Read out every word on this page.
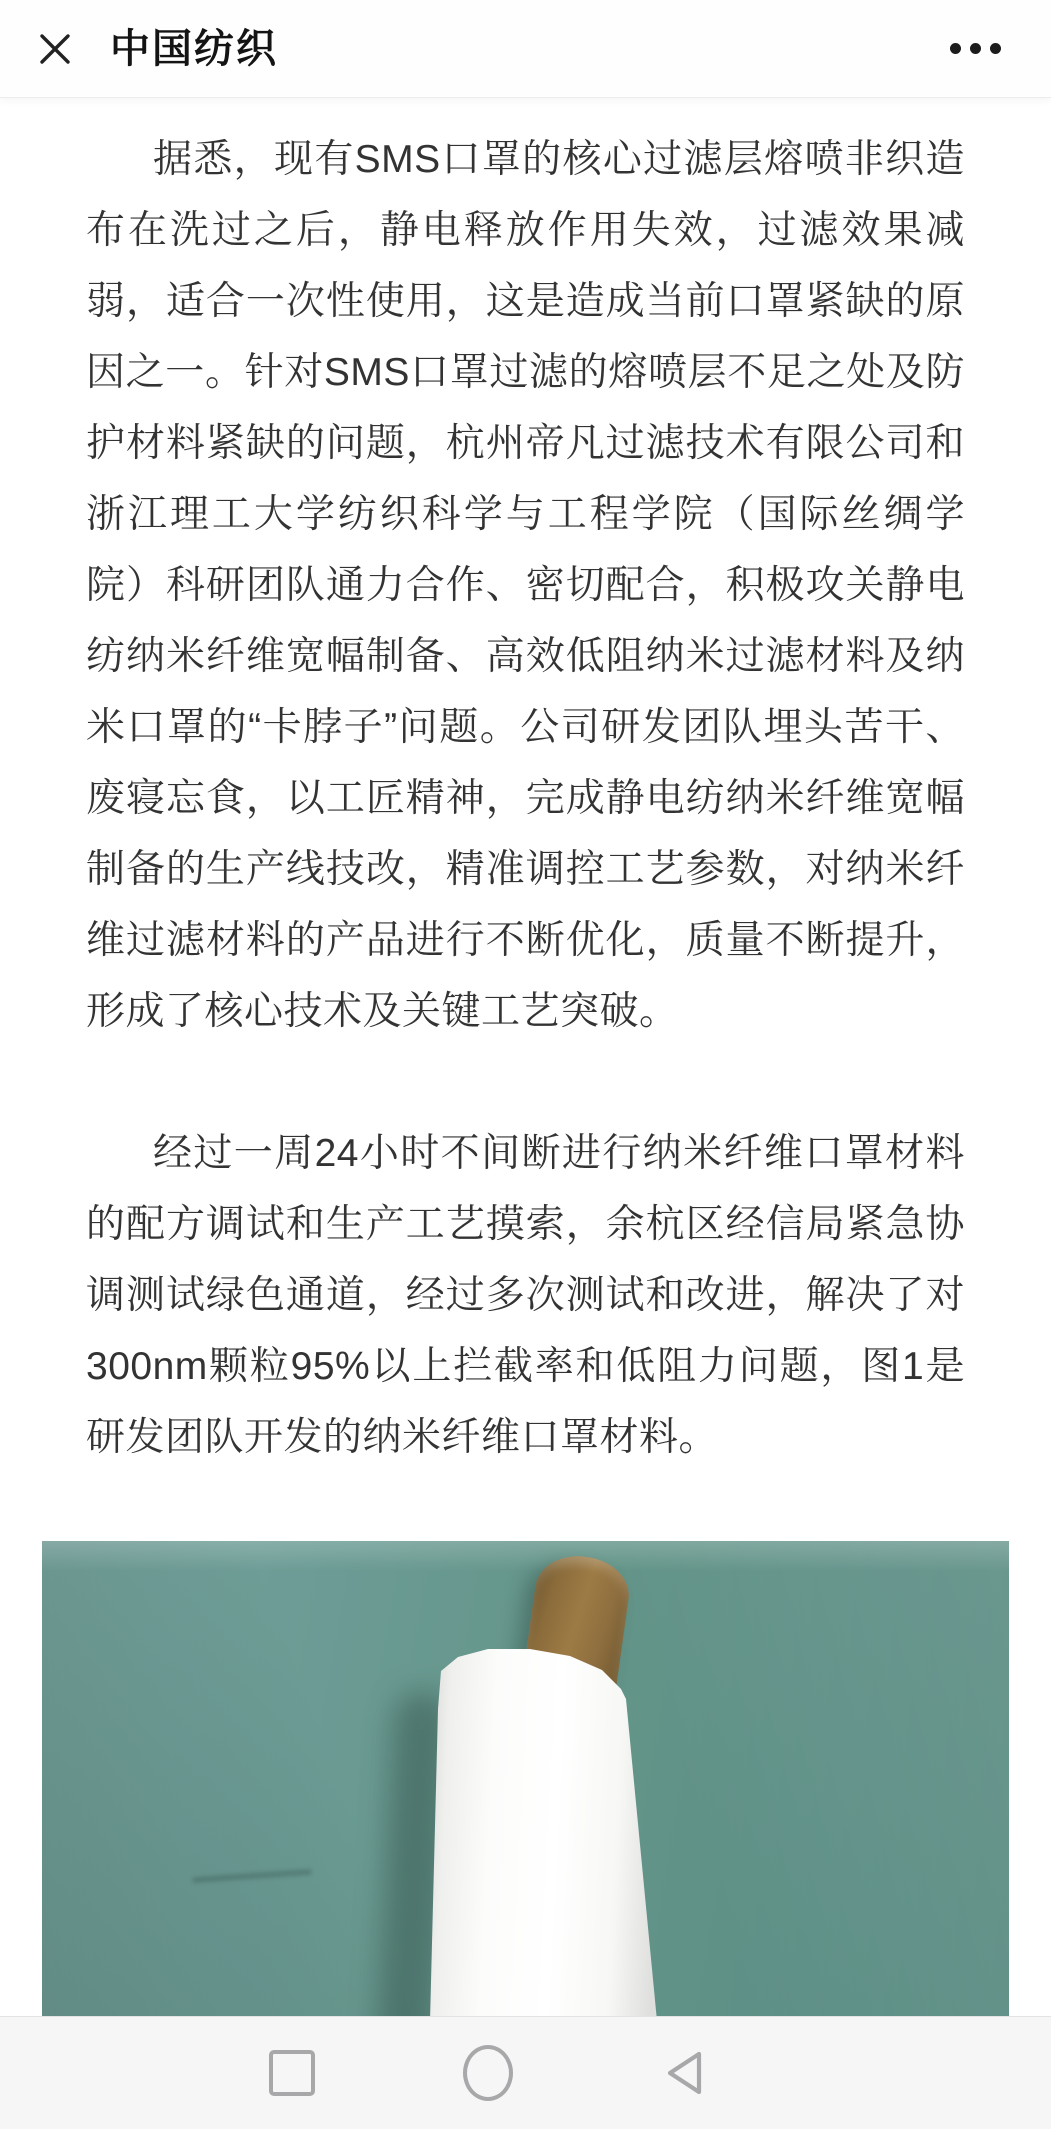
中国纺织

据悉，现有SMS口罩的核心过滤层熔喷非织造布在洗过之后，静电释放作用失效，过滤效果减弱，适合一次性使用，这是造成当前口罩紧缺的原因之一。针对SMS口罩过滤的熔喷层不足之处及防护材料紧缺的问题，杭州帝凡过滤技术有限公司和浙江理工大学纺织科学与工程学院（国际丝绸学院）科研团队通力合作、密切配合，积极攻关静电纺纳米纤维宽幅制备、高效低阻纳米过滤材料及纳米口罩的“卡脖子”问题。公司研发团队埋头苦干、废寝忘食，以工匠精神，完成静电纺纳米纤维宽幅制备的生产线技改，精准调控工艺参数，对纳米纤维过滤材料的产品进行不断优化，质量不断提升，形成了核心技术及关键工艺突破。

经过一周24小时不间断进行纳米纤维口罩材料的配方调试和生产工艺摸索，余杭区经信局紧急协调测试绿色通道，经过多次测试和改进，解决了对300nm颗粒95%以上拦截率和低阻力问题，图1是研发团队开发的纳米纤维口罩材料。
